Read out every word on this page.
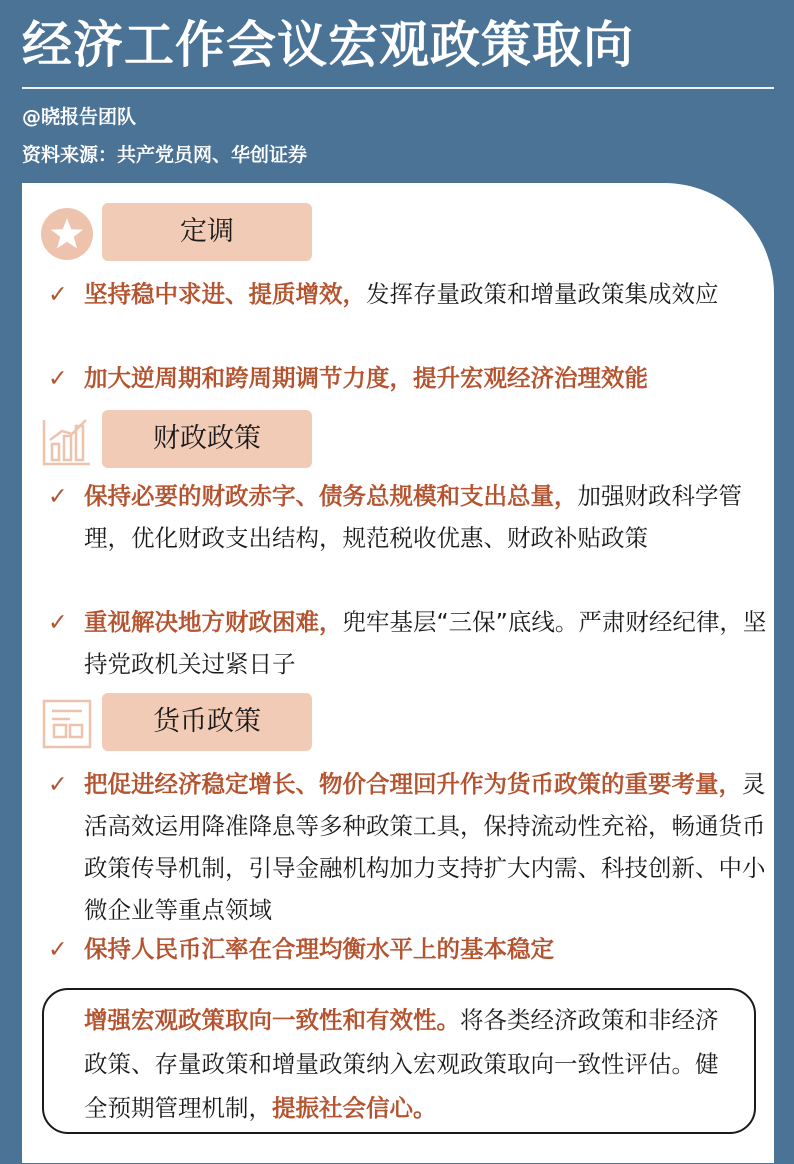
经济工作会议宏观政策取向
@晓报告团队
资料来源：共产党员网、华创证券
定调
✓ 坚持稳中求进、提质增效，发挥存量政策和增量政策集成效应
✓ 加大逆周期和跨周期调节力度，提升宏观经济治理效能
财政政策
✓ 保持必要的财政赤字、债务总规模和支出总量，加强财政科学管理，优化财政支出结构，规范税收优惠、财政补贴政策
✓ 重视解决地方财政困难，兜牢基层“三保”底线。严肃财经纪律，坚持党政机关过紧日子
货币政策
✓ 把促进经济稳定增长、物价合理回升作为货币政策的重要考量，灵活高效运用降准降息等多种政策工具，保持流动性充裕，畅通货币政策传导机制，引导金融机构加力支持扩大内需、科技创新、中小微企业等重点领域
✓ 保持人民币汇率在合理均衡水平上的基本稳定
增强宏观政策取向一致性和有效性。将各类经济政策和非经济政策、存量政策和增量政策纳入宏观政策取向一致性评估。健全预期管理机制，提振社会信心。
